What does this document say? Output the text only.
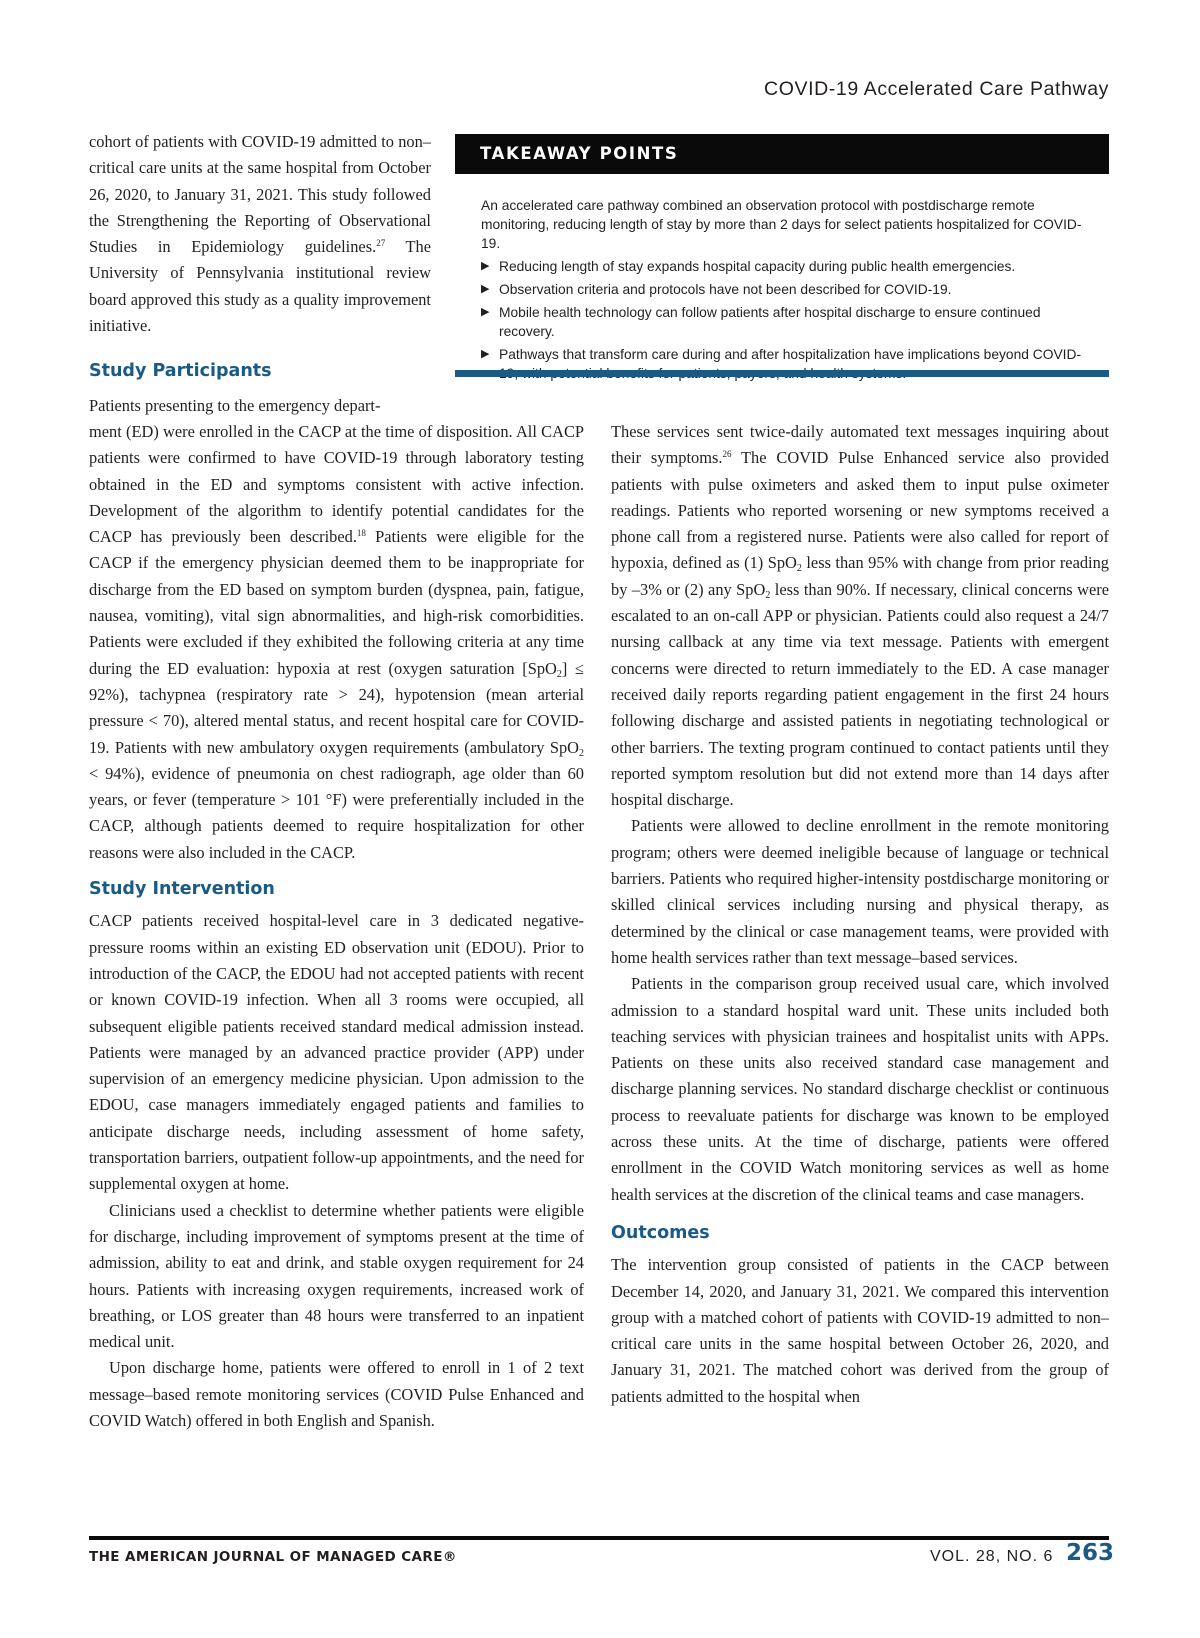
COVID-19 Accelerated Care Pathway

cohort of patients with COVID-19 admitted to non–critical care units at the same hospital from October 26, 2020, to January 31, 2021. This study followed the Strengthening the Reporting of Observational Studies in Epidemiology guidelines.$^{27}$ The University of Pennsylvania institutional review board approved this study as a quality improvement initiative.

TAKEAWAY POINTS

An accelerated care pathway combined an observation protocol with postdischarge remote monitoring, reducing length of stay by more than 2 days for select patients hospitalized for COVID-19.

▶ Reducing length of stay expands hospital capacity during public health emergencies.
▶ Observation criteria and protocols have not been described for COVID-19.
▶ Mobile health technology can follow patients after hospital discharge to ensure continued recovery.
▶ Pathways that transform care during and after hospitalization have implications beyond COVID-
Study Participants
Patients presenting to the emergency depart-

ment (ED) were enrolled in the CACP at the time of disposition. All CACP patients were confirmed to have COVID-19 through laboratory testing obtained in the ED and symptoms consistent with active infection. Development of the algorithm to identify potential candidates for the CACP has previously been described.$^{18}$ Patients were eligible for the CACP if the emergency physician deemed them to be inappropriate for discharge from the ED based on symptom burden (dyspnea, pain, fatigue, nausea, vomiting), vital sign abnormalities, and high-risk comorbidities. Patients were excluded if they exhibited the following criteria at any time during the ED evaluation: hypoxia at rest (oxygen saturation [SpO$_2$] ≤ 92%), tachypnea (respiratory rate > 24), hypotension (mean arterial pressure < 70), altered mental status, and recent hospital care for COVID-19. Patients with new ambulatory oxygen requirements (ambulatory SpO$_2$ < 94%), evidence of pneumonia on chest radiograph, age older than 60 years, or fever (temperature > 101 °F) were preferentially included in the CACP, although patients deemed to require hospitalization for other reasons were also included in the CACP.

Study Intervention

CACP patients received hospital-level care in 3 dedicated negative-pressure rooms within an existing ED observation unit (EDOU). Prior to introduction of the CACP, the EDOU had not accepted patients with recent or known COVID-19 infection. When all 3 rooms were occupied, all subsequent eligible patients received standard medical admission instead. Patients were managed by an advanced practice provider (APP) under supervision of an emergency medicine physician. Upon admission to the EDOU, case managers immediately engaged patients and families to anticipate discharge needs, including assessment of home safety, transportation barriers, outpatient follow-up appointments, and the need for supplemental oxygen at home.

Clinicians used a checklist to determine whether patients were eligible for discharge, including improvement of symptoms present at the time of admission, ability to eat and drink, and stable oxygen requirement for 24 hours. Patients with increasing oxygen requirements, increased work of breathing, or LOS greater than 48 hours were transferred to an inpatient medical unit.

Upon discharge home, patients were offered to enroll in 1 of 2 text message–based remote monitoring services (COVID Pulse Enhanced and COVID Watch) offered in both English and Spanish.

These services sent twice-daily automated text messages inquiring about their symptoms.$^{26}$ The COVID Pulse Enhanced service also provided patients with pulse oximeters and asked them to input pulse oximeter readings. Patients who reported worsening or new symptoms received a phone call from a registered nurse. Patients were also called for report of hypoxia, defined as (1) SpO$_2$ less than 95% with change from prior reading by –3% or (2) any SpO$_2$ less than 90%. If necessary, clinical concerns were escalated to an on-call APP or physician. Patients could also request a 24/7 nursing callback at any time via text message. Patients with emergent concerns were directed to return immediately to the ED. A case manager received daily reports regarding patient engagement in the first 24 hours following discharge and assisted patients in negotiating technological or other barriers. The texting program continued to contact patients until they reported symptom resolution but did not extend more than 14 days after hospital discharge.

Patients were allowed to decline enrollment in the remote monitoring program; others were deemed ineligible because of language or technical barriers. Patients who required higher-intensity postdischarge monitoring or skilled clinical services including nursing and physical therapy, as determined by the clinical or case management teams, were provided with home health services rather than text message–based services.

Patients in the comparison group received usual care, which involved admission to a standard hospital ward unit. These units included both teaching services with physician trainees and hospitalist units with APPs. Patients on these units also received standard case management and discharge planning services. No standard discharge checklist or continuous process to reevaluate patients for discharge was known to be employed across these units. At the time of discharge, patients were offered enrollment in the COVID Watch monitoring services as well as home health services at the discretion of the clinical teams and case managers.

Outcomes

The intervention group consisted of patients in the CACP between December 14, 2020, and January 31, 2021. We compared this intervention group with a matched cohort of patients with COVID-19 admitted to non–critical care units in the same hospital between October 26, 2020, and January 31, 2021. The matched cohort was derived from the group of patients admitted to the hospital when

THE AMERICAN JOURNAL OF MANAGED CARE®	VOL. 28, NO. 6 263
